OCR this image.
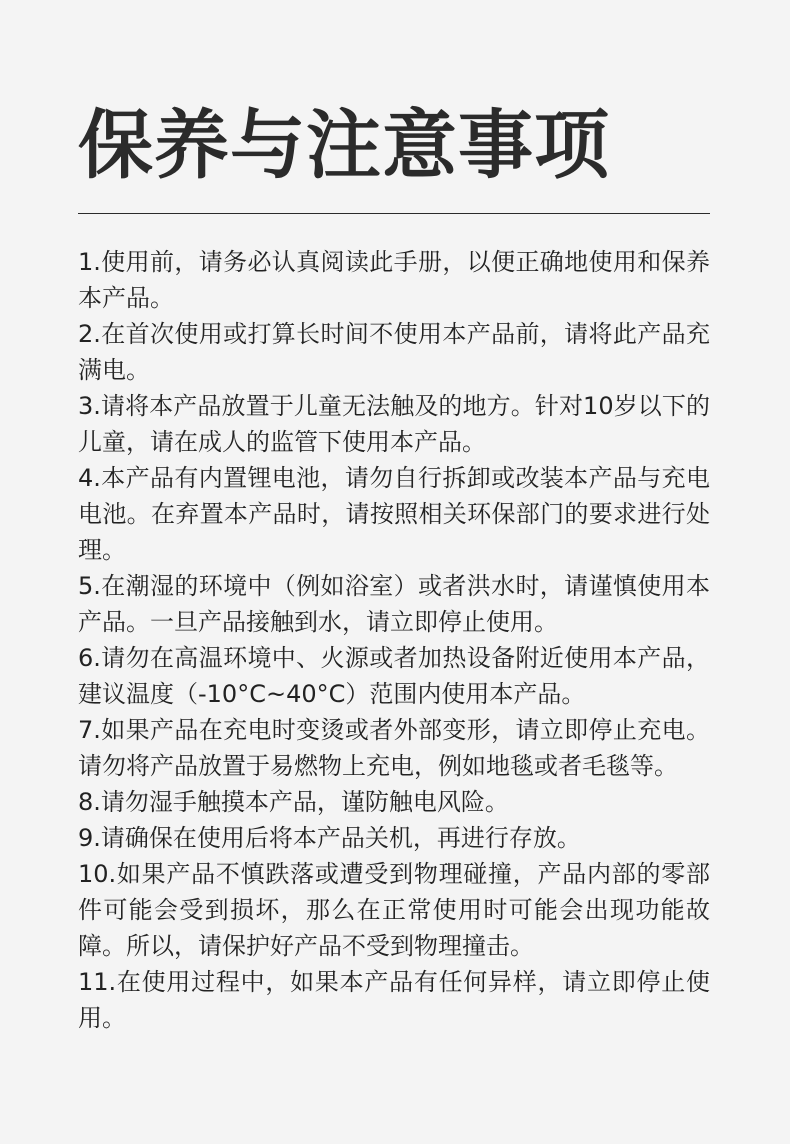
保养与注意事项
1.使用前，请务必认真阅读此手册，以便正确地使用和保养本产品。
2.在首次使用或打算长时间不使用本产品前，请将此产品充满电。
3.请将本产品放置于儿童无法触及的地方。针对10岁以下的儿童，请在成人的监管下使用本产品。
4.本产品有内置锂电池，请勿自行拆卸或改装本产品与充电电池。在弃置本产品时，请按照相关环保部门的要求进行处理。
5.在潮湿的环境中（例如浴室）或者洪水时，请谨慎使用本产品。一旦产品接触到水，请立即停止使用。
6.请勿在高温环境中、火源或者加热设备附近使用本产品，建议温度（-10°C~40°C）范围内使用本产品。
7.如果产品在充电时变烫或者外部变形，请立即停止充电。请勿将产品放置于易燃物上充电，例如地毯或者毛毯等。
8.请勿湿手触摸本产品，谨防触电风险。
9.请确保在使用后将本产品关机，再进行存放。
10.如果产品不慎跌落或遭受到物理碰撞，产品内部的零部件可能会受到损坏，那么在正常使用时可能会出现功能故障。所以，请保护好产品不受到物理撞击。
11.在使用过程中，如果本产品有任何异样，请立即停止使用。
